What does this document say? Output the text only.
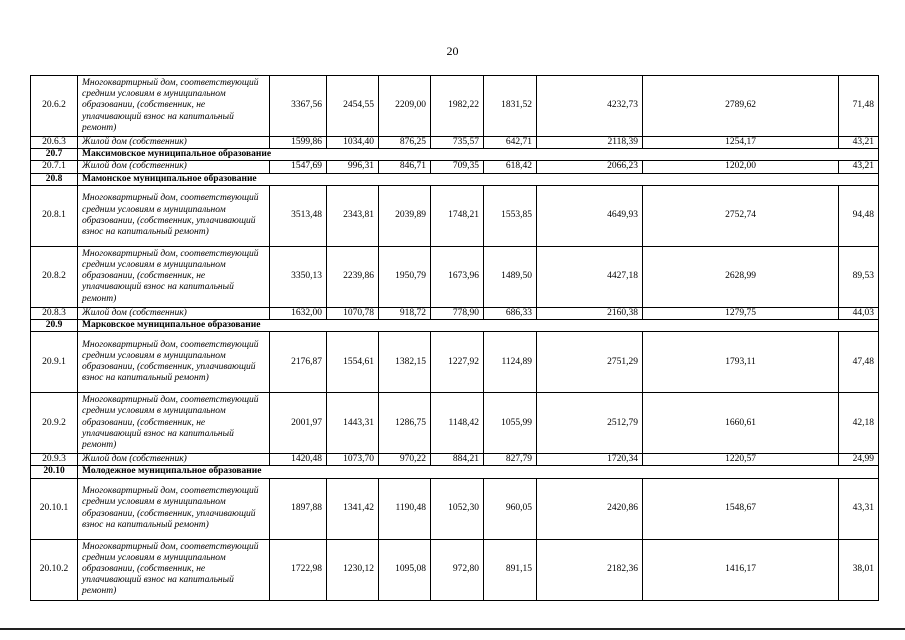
20
20.6.2	Многоквартирный дом, соответствующий средним условиям в муниципальном образовании, (собственник, не уплачивающий взнос на капитальный ремонт)	3367,56	2454,55	2209,00	1982,22	1831,52	4232,73	2789,62	71,48
20.6.3	Жилой дом (собственник)	1599,86	1034,40	876,25	735,57	642,71	2118,39	1254,17	43,21
20.7	Максимовское муниципальное образование								
20.7.1	Жилой дом (собственник)	1547,69	996,31	846,71	709,35	618,42	2066,23	1202,00	43,21
20.8	Мамонское муниципальное образование								
20.8.1	Многоквартирный дом, соответствующий средним условиям в муниципальном образовании, (собственник, уплачивающий взнос на капитальный ремонт)	3513,48	2343,81	2039,89	1748,21	1553,85	4649,93	2752,74	94,48
20.8.2	Многоквартирный дом, соответствующий средним условиям в муниципальном образовании, (собственник, не уплачивающий взнос на капитальный ремонт)	3350,13	2239,86	1950,79	1673,96	1489,50	4427,18	2628,99	89,53
20.8.3	Жилой дом (собственник)	1632,00	1070,78	918,72	778,90	686,33	2160,38	1279,75	44,03
20.9	Марковское муниципальное образование								
20.9.1	Многоквартирный дом, соответствующий средним условиям в муниципальном образовании, (собственник, уплачивающий взнос на капитальный ремонт)	2176,87	1554,61	1382,15	1227,92	1124,89	2751,29	1793,11	47,48
20.9.2	Многоквартирный дом, соответствующий средним условиям в муниципальном образовании, (собственник, не уплачивающий взнос на капитальный ремонт)	2001,97	1443,31	1286,75	1148,42	1055,99	2512,79	1660,61	42,18
20.9.3	Жилой дом (собственник)	1420,48	1073,70	970,22	884,21	827,79	1720,34	1220,57	24,99
20.10	Молодежное муниципальное образование								
20.10.1	Многоквартирный дом, соответствующий средним условиям в муниципальном образовании, (собственник, уплачивающий взнос на капитальный ремонт)	1897,88	1341,42	1190,48	1052,30	960,05	2420,86	1548,67	43,31
20.10.2	Многоквартирный дом, соответствующий средним условиям в муниципальном образовании, (собственник, не уплачивающий взнос на капитальный ремонт)	1722,98	1230,12	1095,08	972,80	891,15	2182,36	1416,17	38,01
